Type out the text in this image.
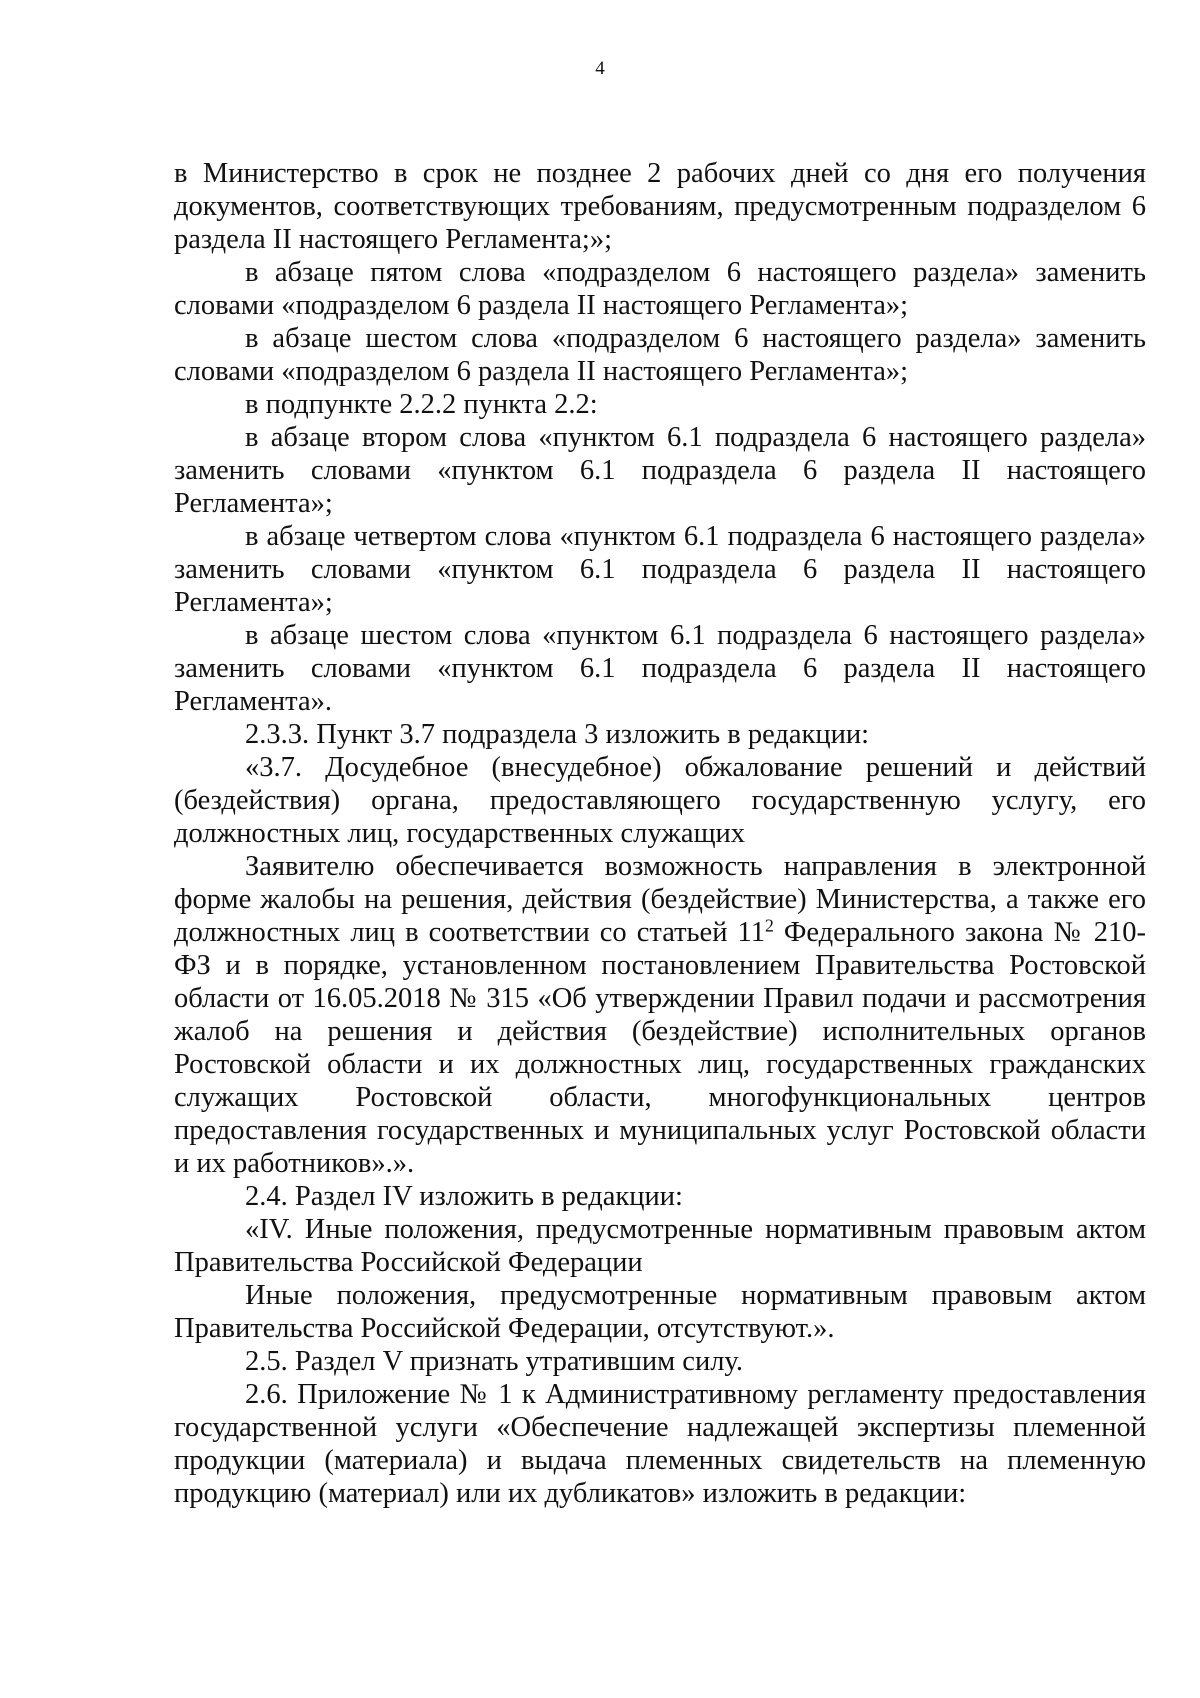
4

в Министерство в срок не позднее 2 рабочих дней со дня его получения документов, соответствующих требованиям, предусмотренным подразделом 6 раздела II настоящего Регламента;»;

в абзаце пятом слова «подразделом 6 настоящего раздела» заменить словами «подразделом 6 раздела II настоящего Регламента»;

в абзаце шестом слова «подразделом 6 настоящего раздела» заменить словами «подразделом 6 раздела II настоящего Регламента»;

в подпункте 2.2.2 пункта 2.2:

в абзаце втором слова «пунктом 6.1 подраздела 6 настоящего раздела» заменить словами «пунктом 6.1 подраздела 6 раздела II настоящего Регламента»;

в абзаце четвертом слова «пунктом 6.1 подраздела 6 настоящего раздела» заменить словами «пунктом 6.1 подраздела 6 раздела II настоящего Регламента»;

в абзаце шестом слова «пунктом 6.1 подраздела 6 настоящего раздела» заменить словами «пунктом 6.1 подраздела 6 раздела II настоящего Регламента».

2.3.3. Пункт 3.7 подраздела 3 изложить в редакции:

«3.7. Досудебное (внесудебное) обжалование решений и действий (бездействия) органа, предоставляющего государственную услугу, его должностных лиц, государственных служащих

Заявителю обеспечивается возможность направления в электронной форме жалобы на решения, действия (бездействие) Министерства, а также его должностных лиц в соответствии со статьей $11^2$ Федерального закона № 210-ФЗ и в порядке, установленном постановлением Правительства Ростовской области от 16.05.2018 № 315 «Об утверждении Правил подачи и рассмотрения жалоб на решения и действия (бездействие) исполнительных органов Ростовской области и их должностных лиц, государственных гражданских служащих Ростовской области, многофункциональных центров предоставления государственных и муниципальных услуг Ростовской области и их работников».».

2.4. Раздел IV изложить в редакции:

«IV. Иные положения, предусмотренные нормативным правовым актом Правительства Российской Федерации

Иные положения, предусмотренные нормативным правовым актом Правительства Российской Федерации, отсутствуют.».

2.5. Раздел V признать утратившим силу.

2.6. Приложение № 1 к Административному регламенту предоставления государственной услуги «Обеспечение надлежащей экспертизы племенной продукции (материала) и выдача племенных свидетельств на племенную продукцию (материал) или их дубликатов» изложить в редакции:
